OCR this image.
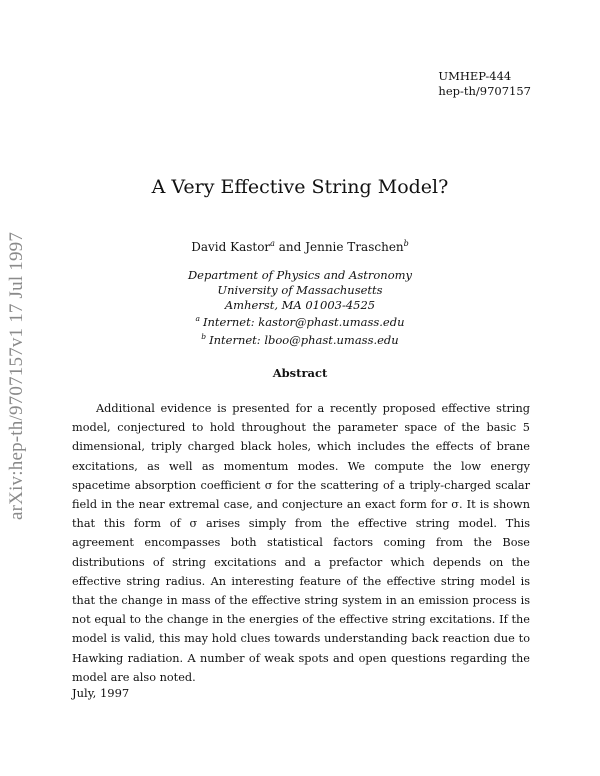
arXiv:hep-th/9707157v1 17 Jul 1997
UMHEP-444
hep-th/9707157
A Very Effective String Model?
David Kastor$^a$ and Jennie Traschen$^b$
Department of Physics and Astronomy
University of Massachusetts
Amherst, MA 01003-4525
$^a$ Internet: kastor@phast.umass.edu
$^b$ Internet: lboo@phast.umass.edu
Abstract

Additional evidence is presented for a recently proposed effective string model, conjectured to hold throughout the parameter space of the basic 5 dimensional, triply charged black holes, which includes the effects of brane excitations, as well as momentum modes. We compute the low energy spacetime absorption coefficient σ for the scattering of a triply-charged scalar field in the near extremal case, and conjecture an exact form for σ. It is shown that this form of σ arises simply from the effective string model. This agreement encompasses both statistical factors coming from the Bose distributions of string excitations and a prefactor which depends on the effective string radius. An interesting feature of the effective string model is that the change in mass of the effective string system in an emission process is not equal to the change in the energies of the effective string excitations. If the model is valid, this may hold clues towards understanding back reaction due to Hawking radiation. A number of weak spots and open questions regarding the model are also noted.

July, 1997
